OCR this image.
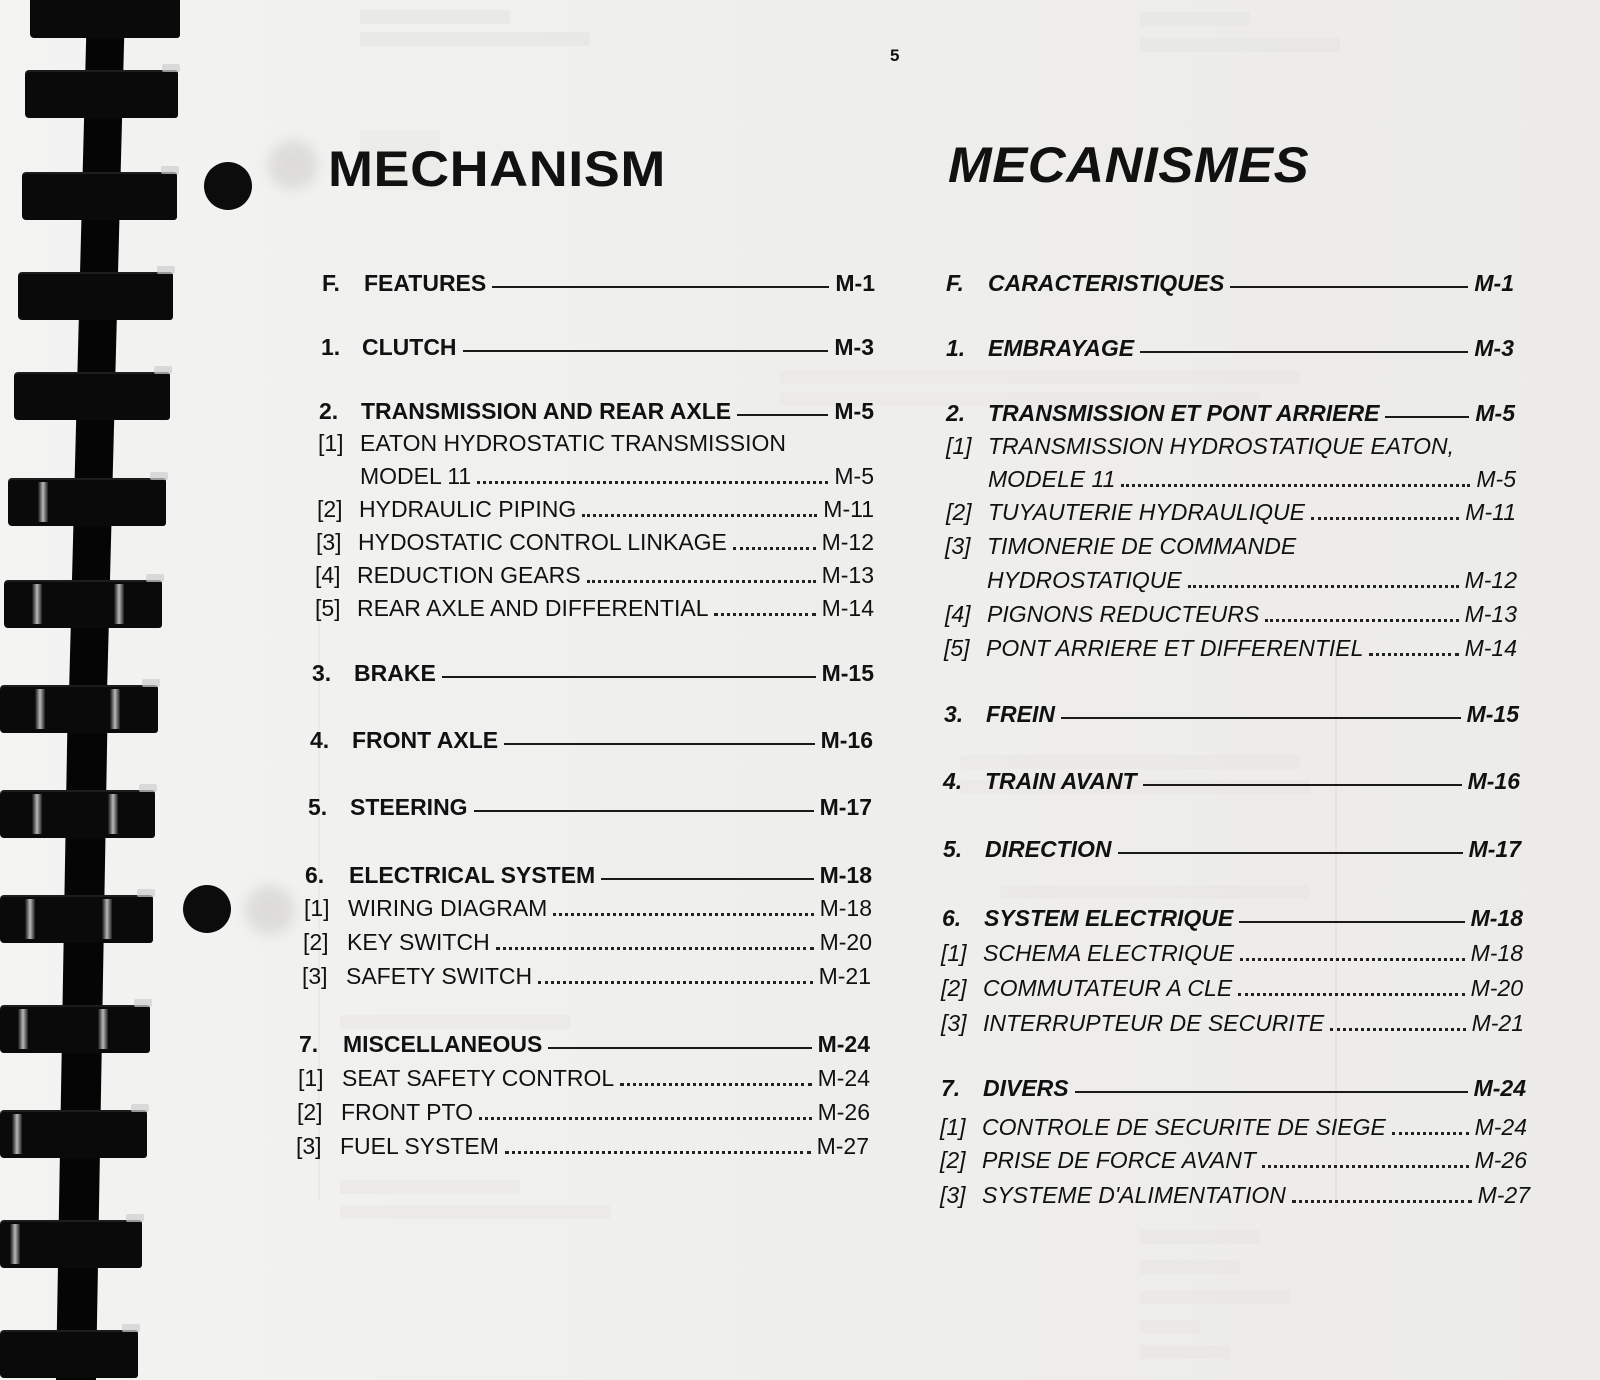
5
MECHANISM	MECANISMES
F.	FEATURES	M-1
1. CLUTCH	M-3
2. TRANSMISSION AND REAR AXLE	M-5
[1] EATON HYDROSTATIC TRANSMISSION
MODEL 11	M-5
[2] HYDRAULIC PIPING	M-11
[3] HYDOSTATIC CONTROL LINKAGE	M-12
[4] REDUCTION GEARS	M-13
[5] REAR AXLE AND DIFFERENTIAL	M-14
3. BRAKE	M-15
4. FRONT AXLE	M-16
5. STEERING	M-17
6.	ELECTRICAL SYSTEM	M-18
[1] WIRING DIAGRAM	M-18
[2] KEY SWITCH	M-20
[3] SAFETY SWITCH	M-21
7.	MISCELLANEOUS	M-24
[1] SEAT SAFETY CONTROL	M-24
[2] FRONT PTO	M-26
[3] FUEL SYSTEM	M-27
F.	CARACTERISTIQUES	M-1
1. EMBRAYAGE	M-3
2. TRANSMISSION ET PONT ARRIERE	M-5
[1] TRANSMISSION HYDROSTATIQUE EATON,
MODELE 11	M-5
[2] TUYAUTERIE HYDRAULIQUE	M-11
[3] TIMONERIE DE COMMANDE
HYDROSTATIQUE	M-12
[4] PIGNONS REDUCTEURS	M-13
[5] PONT ARRIERE ET DIFFERENTIEL	M-14
3. FREIN	M-15
4. TRAIN AVANT	M-16
5. DIRECTION	M-17
6. SYSTEM ELECTRIQUE	M-18
[1] SCHEMA ELECTRIQUE	M-18
[2] COMMUTATEUR A CLE	M-20
[3] INTERRUPTEUR DE SECURITE	M-21
7. DIVERS	M-24
[1] CONTROLE DE SECURITE DE SIEGE	M-24
[2] PRISE DE FORCE AVANT	M-26
[3] SYSTEME D'ALIMENTATION	M-27
